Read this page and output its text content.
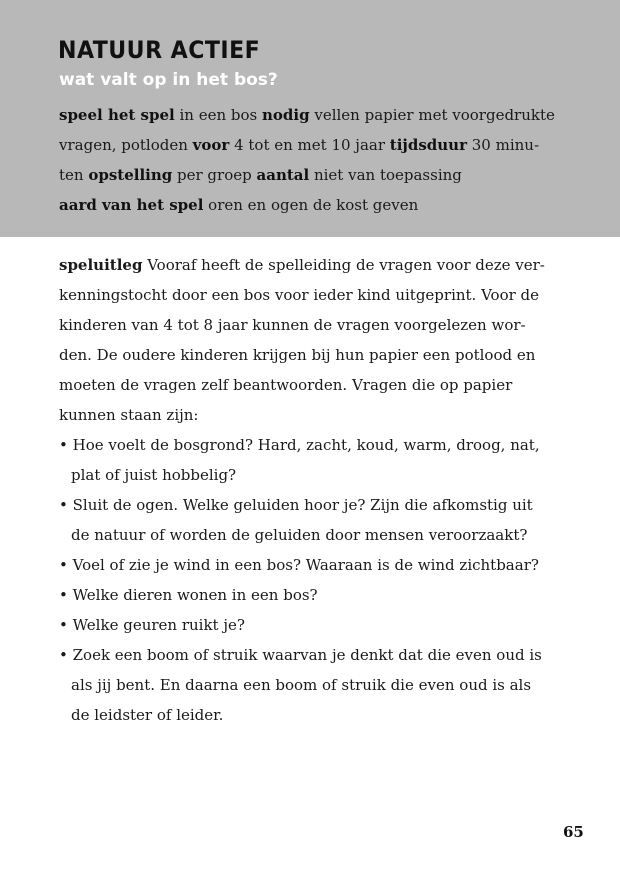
NATUUR ACTIEF
wat valt op in het bos?
speel het spel in een bos nodig vellen papier met voorgedrukte
vragen, potloden voor 4 tot en met 10 jaar tijdsduur 30 minu-
ten opstelling per groep aantal niet van toepassing
aard van het spel oren en ogen de kost geven
speluitleg Vooraf heeft de spelleiding de vragen voor deze ver-
kenningstocht door een bos voor ieder kind uitgeprint. Voor de
kinderen van 4 tot 8 jaar kunnen de vragen voorgelezen wor-
den. De oudere kinderen krijgen bij hun papier een potlood en
moeten de vragen zelf beantwoorden. Vragen die op papier
kunnen staan zijn:
• Hoe voelt de bosgrond? Hard, zacht, koud, warm, droog, nat,
plat of juist hobbelig?
• Sluit de ogen. Welke geluiden hoor je? Zijn die afkomstig uit
de natuur of worden de geluiden door mensen veroorzaakt?
• Voel of zie je wind in een bos? Waaraan is de wind zichtbaar?
• Welke dieren wonen in een bos?
• Welke geuren ruikt je?
• Zoek een boom of struik waarvan je denkt dat die even oud is
als jij bent. En daarna een boom of struik die even oud is als
de leidster of leider.
65
